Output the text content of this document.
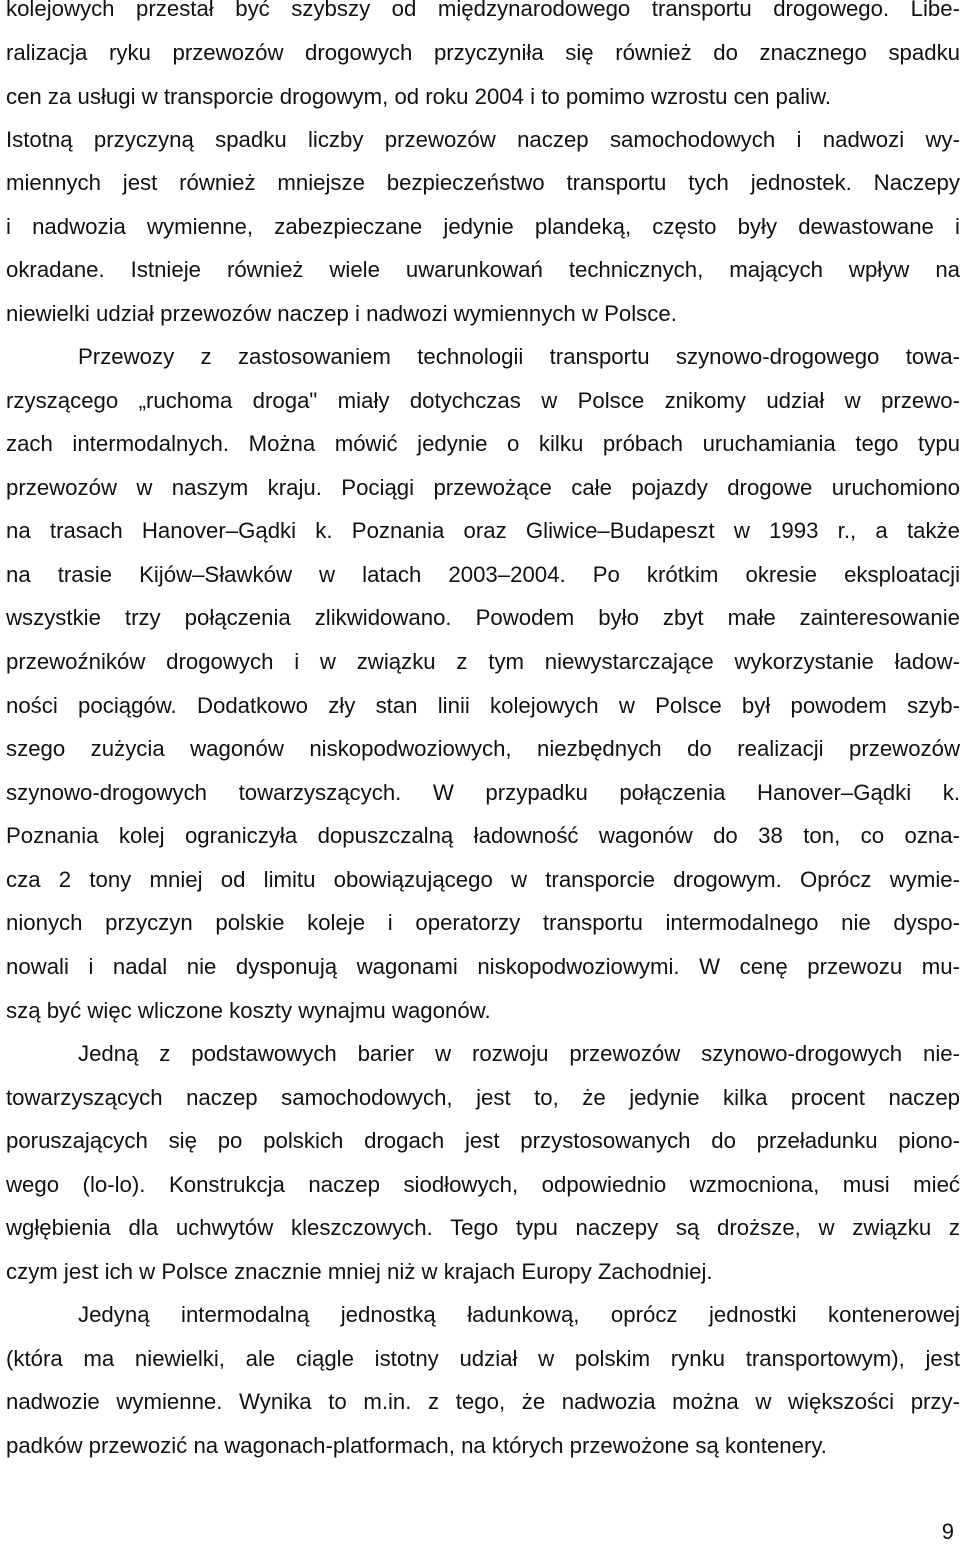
kolejowych przestał być szybszy od międzynarodowego transportu drogowego. Libe-
ralizacja ryku przewozów drogowych przyczyniła się również do znacznego spadku
cen za usługi w transporcie drogowym, od roku 2004 i to pomimo wzrostu cen paliw.
Istotną przyczyną spadku liczby przewozów naczep samochodowych i nadwozi wy-
miennych jest również mniejsze bezpieczeństwo transportu tych jednostek. Naczepy
i nadwozia wymienne, zabezpieczane jedynie plandeką, często były dewastowane i
okradane. Istnieje również wiele uwarunkowań technicznych, mających wpływ na
niewielki udział przewozów naczep i nadwozi wymiennych w Polsce.
Przewozy z zastosowaniem technologii transportu szynowo-drogowego towa-
rzyszącego „ruchoma droga" miały dotychczas w Polsce znikomy udział w przewo-
zach intermodalnych. Można mówić jedynie o kilku próbach uruchamiania tego typu
przewozów w naszym kraju. Pociągi przewożące całe pojazdy drogowe uruchomiono
na trasach Hanover–Gądki k. Poznania oraz Gliwice–Budapeszt w 1993 r., a także
na trasie Kijów–Sławków w latach 2003–2004. Po krótkim okresie eksploatacji
wszystkie trzy połączenia zlikwidowano. Powodem było zbyt małe zainteresowanie
przewoźników drogowych i w związku z tym niewystarczające wykorzystanie ładow-
ności pociągów. Dodatkowo zły stan linii kolejowych w Polsce był powodem szyb-
szego zużycia wagonów niskopodwoziowych, niezbędnych do realizacji przewozów
szynowo-drogowych towarzyszących. W przypadku połączenia Hanover–Gądki k.
Poznania kolej ograniczyła dopuszczalną ładowność wagonów do 38 ton, co ozna-
cza 2 tony mniej od limitu obowiązującego w transporcie drogowym. Oprócz wymie-
nionych przyczyn polskie koleje i operatorzy transportu intermodalnego nie dyspo-
nowali i nadal nie dysponują wagonami niskopodwoziowymi. W cenę przewozu mu-
szą być więc wliczone koszty wynajmu wagonów.
Jedną z podstawowych barier w rozwoju przewozów szynowo-drogowych nie-
towarzyszących naczep samochodowych, jest to, że jedynie kilka procent naczep
poruszających się po polskich drogach jest przystosowanych do przeładunku piono-
wego (lo-lo). Konstrukcja naczep siodłowych, odpowiednio wzmocniona, musi mieć
wgłębienia dla uchwytów kleszczowych. Tego typu naczepy są droższe, w związku z
czym jest ich w Polsce znacznie mniej niż w krajach Europy Zachodniej.
Jedyną intermodalną jednostką ładunkową, oprócz jednostki kontenerowej
(która ma niewielki, ale ciągle istotny udział w polskim rynku transportowym), jest
nadwozie wymienne. Wynika to m.in. z tego, że nadwozia można w większości przy-
padków przewozić na wagonach-platformach, na których przewożone są kontenery.
9
